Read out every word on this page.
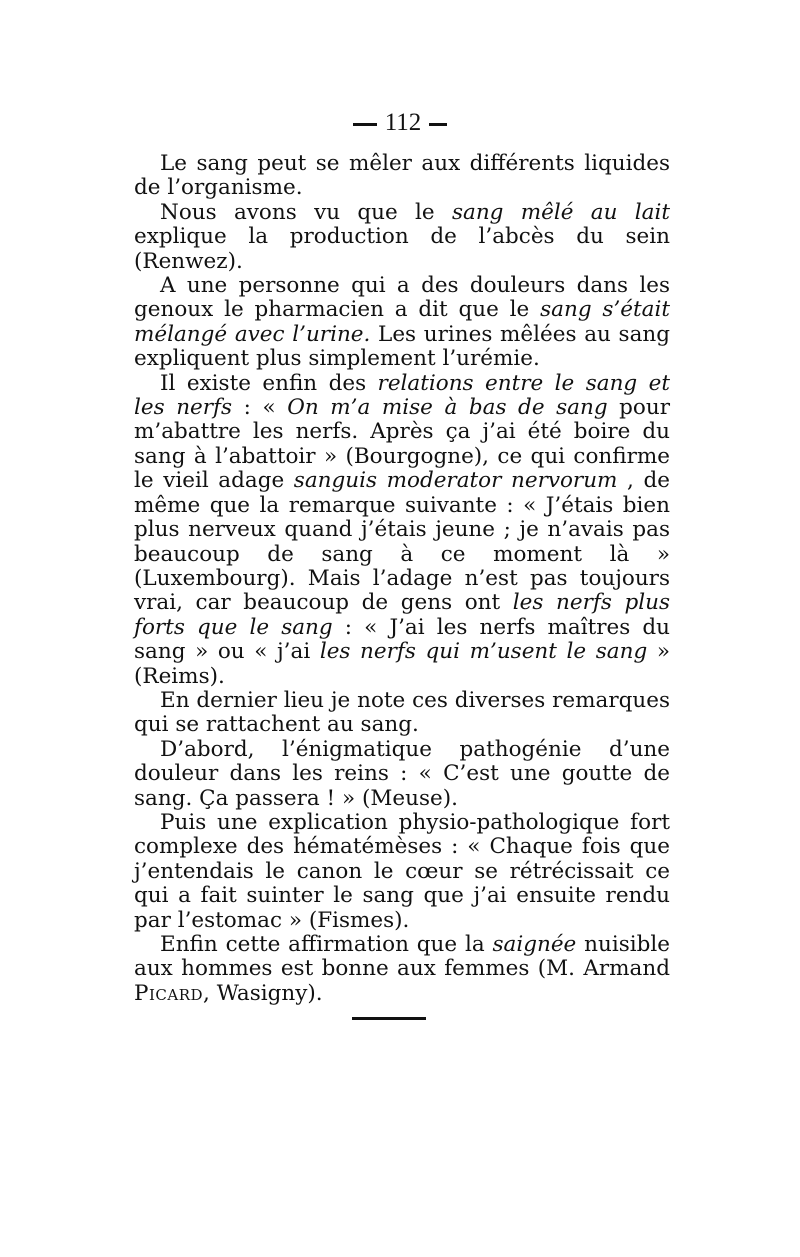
112

Le sang peut se mêler aux différents liquides de l’organisme.

Nous avons vu que le sang mêlé au lait explique la production de l’abcès du sein (Renwez).

A une personne qui a des douleurs dans les genoux le pharmacien a dit que le sang s’était mélangé avec l’urine. Les urines mêlées au sang expliquent plus simplement l’urémie.

Il existe enfin des relations entre le sang et les nerfs : « On m’a mise à bas de sang pour m’abattre les nerfs. Après ça j’ai été boire du sang à l’abattoir » (Bourgogne), ce qui confirme le vieil adage sanguis moderator nervorum , de même que la remarque suivante : « J’étais bien plus nerveux quand j’étais jeune ; je n’avais pas beaucoup de sang à ce moment là » (Luxembourg). Mais l’adage n’est pas toujours vrai, car beaucoup de gens ont les nerfs plus forts que le sang : « J’ai les nerfs maîtres du sang » ou « j’ai les nerfs qui m’usent le sang » (Reims).

En dernier lieu je note ces diverses remarques qui se rattachent au sang.

D’abord, l’énigmatique pathogénie d’une douleur dans les reins : « C’est une goutte de sang. Ça passera ! » (Meuse).

Puis une explication physio-pathologique fort complexe des hématémèses : « Chaque fois que j’entendais le canon le cœur se rétrécissait ce qui a fait suinter le sang que j’ai ensuite rendu par l’estomac » (Fismes).

Enfin cette affirmation que la saignée nuisible aux hommes est bonne aux femmes (M. Armand Picard, Wasigny).
